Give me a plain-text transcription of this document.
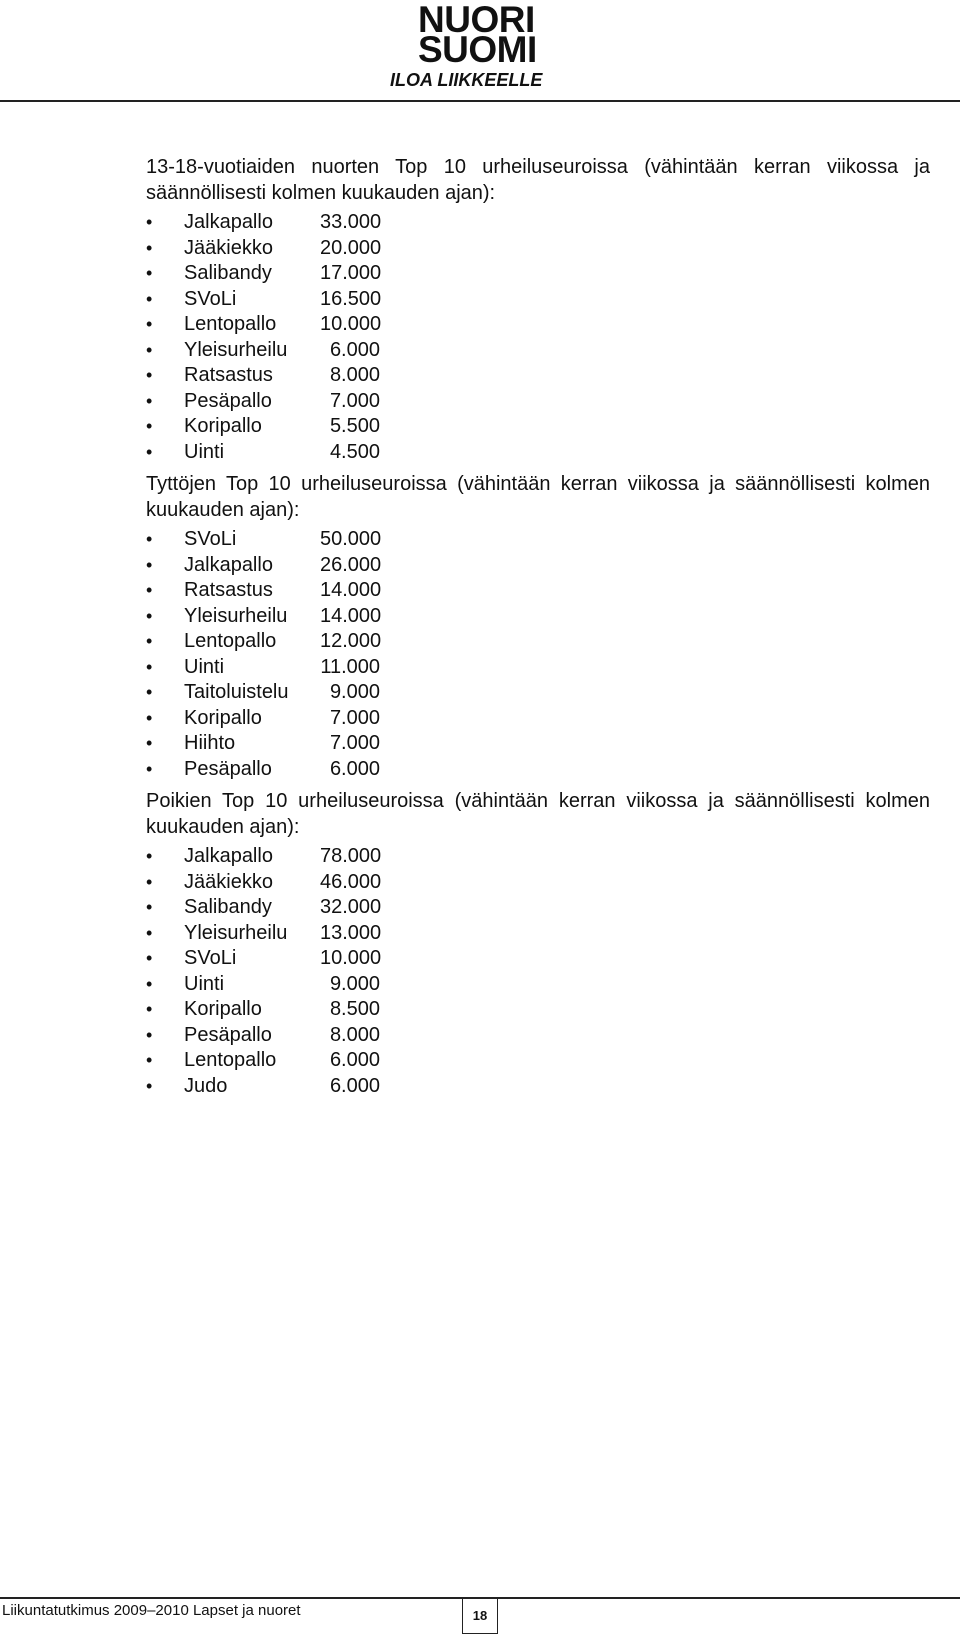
NUORI
SUOMI
ILOA LIIKKEELLE

13-18-vuotiaiden nuorten Top 10 urheiluseuroissa (vähintään kerran viikossa ja säännöllisesti kolmen kuukauden ajan):

• Jalkapallo 33.000
• Jääkiekko 20.000
• Salibandy 17.000
• SVoLi	16.500
• Lentopallo 10.000
• Yleisurheilu	6.000
• Ratsastus	8.000
• Pesäpallo	7.000
• Koripallo	5.500
• Uinti	4.500

Tyttöjen Top 10 urheiluseuroissa (vähintään kerran viikossa ja säännöllisesti kolmen kuukauden ajan):

• SVoLi	50.000
• Jalkapallo 26.000
• Ratsastus 14.000
• Yleisurheilu 14.000
• Lentopallo 12.000
• Uinti	11.000
• Taitoluistelu	9.000
• Koripallo	7.000
• Hiihto	7.000
• Pesäpallo	6.000

Poikien Top 10 urheiluseuroissa (vähintään kerran viikossa ja säännöllisesti kolmen kuukauden ajan):

• Jalkapallo 78.000
• Jääkiekko 46.000
• Salibandy 32.000
• Yleisurheilu 13.000
• SVoLi	10.000
• Uinti	9.000
• Koripallo	8.500
• Pesäpallo	8.000
• Lentopallo	6.000
• Judo	6.000
Liikuntatutkimus 2009–2010 Lapset ja nuoret	18
